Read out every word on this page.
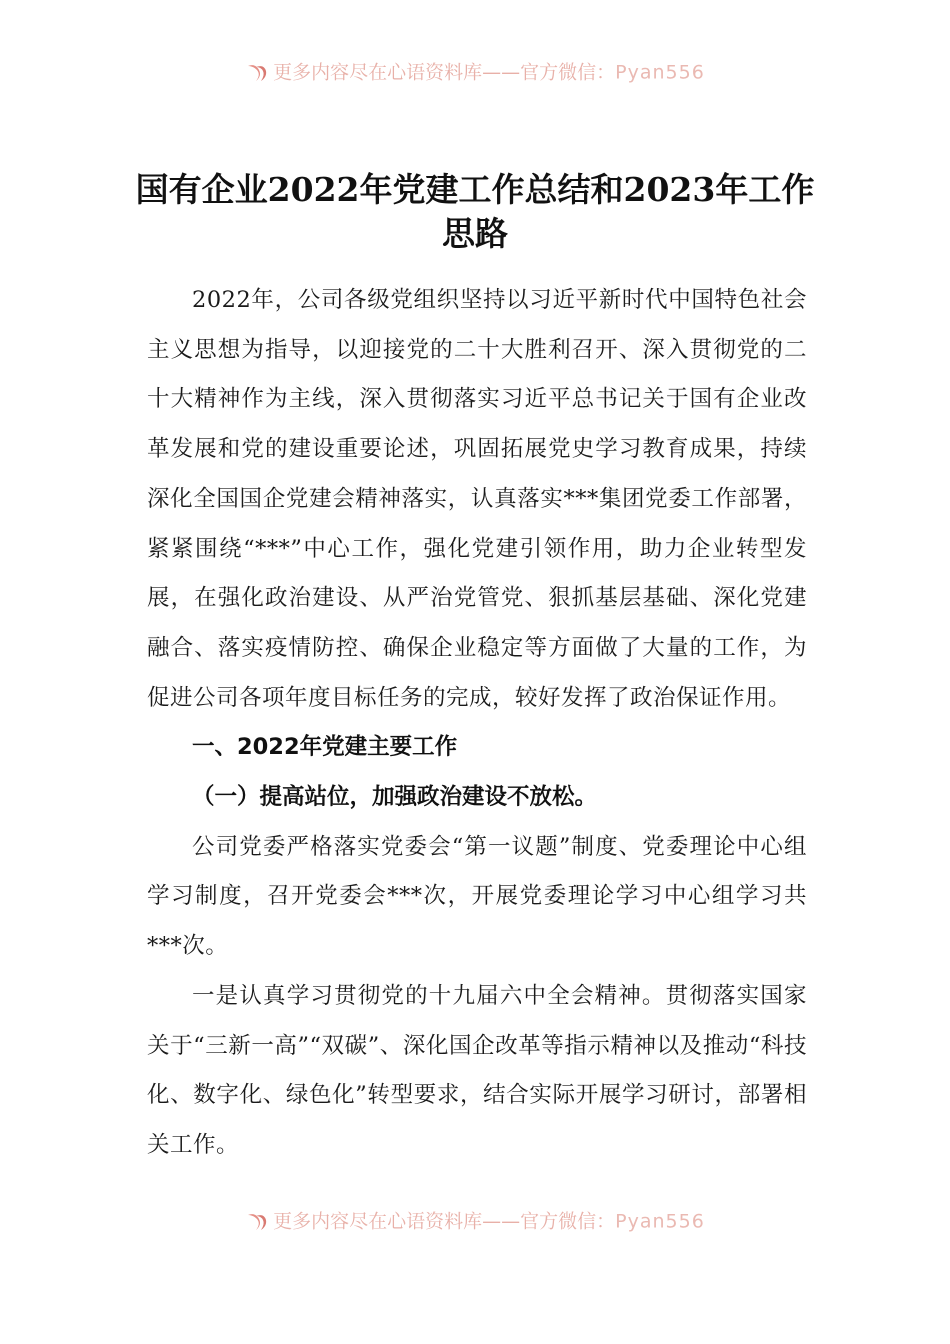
更多内容尽在心语资料库——官方微信：Pyan556
国有企业2022年党建工作总结和2023年工作思路

2022年，公司各级党组织坚持以习近平新时代中国特色社会主义思想为指导，以迎接党的二十大胜利召开、深入贯彻党的二十大精神作为主线，深入贯彻落实习近平总书记关于国有企业改革发展和党的建设重要论述，巩固拓展党史学习教育成果，持续深化全国国企党建会精神落实，认真落实***集团党委工作部署，紧紧围绕“***”中心工作，强化党建引领作用，助力企业转型发展，在强化政治建设、从严治党管党、狠抓基层基础、深化党建融合、落实疫情防控、确保企业稳定等方面做了大量的工作，为促进公司各项年度目标任务的完成，较好发挥了政治保证作用。

一、2022年党建主要工作

（一）提高站位，加强政治建设不放松。

公司党委严格落实党委会“第一议题”制度、党委理论中心组学习制度，召开党委会***次，开展党委理论学习中心组学习共***次。

一是认真学习贯彻党的十九届六中全会精神。贯彻落实国家关于“三新一高”“双碳”、深化国企改革等指示精神以及推动“科技化、数字化、绿色化”转型要求，结合实际开展学习研讨，部署相关工作。

更多内容尽在心语资料库——官方微信：Pyan556
